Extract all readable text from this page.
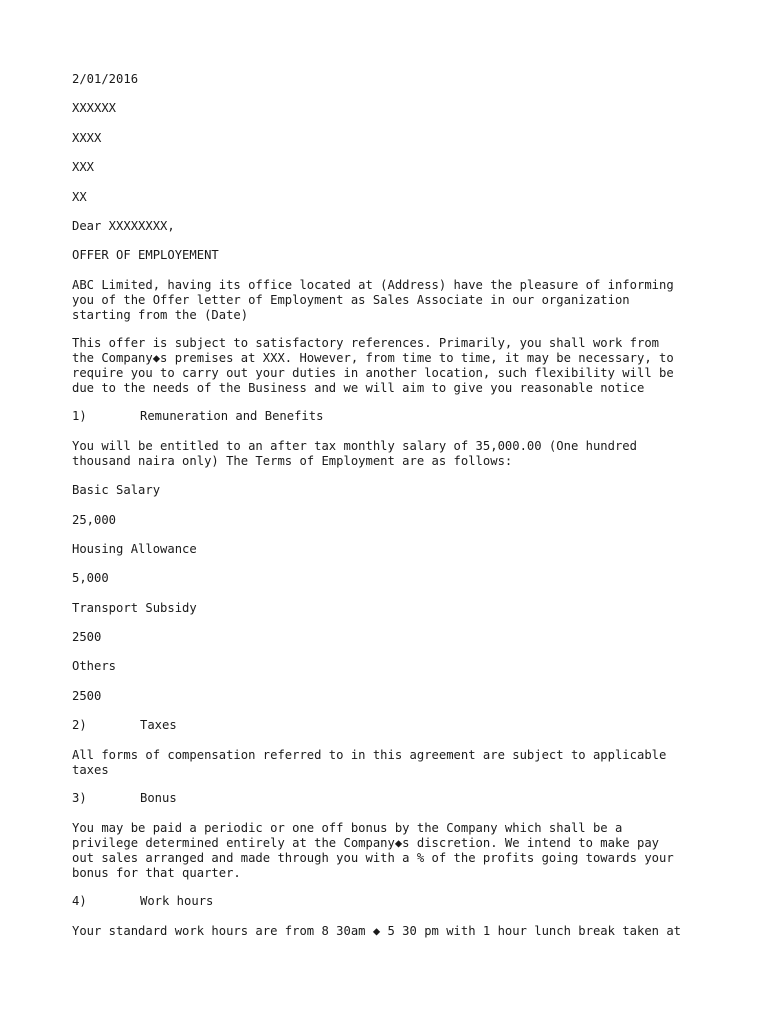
2/01/2016

XXXXXX

XXXX

XXX

XX

Dear XXXXXXXX,

OFFER OF EMPLOYEMENT

ABC Limited, having its office located at (Address) have the pleasure of informing
you of the Offer letter of Employment as Sales Associate in our organization
starting from the (Date)

This offer is subject to satisfactory references. Primarily, you shall work from
the Company◆s premises at XXX. However, from time to time, it may be necessary, to
require you to carry out your duties in another location, such flexibility will be
due to the needs of the Business and we will aim to give you reasonable notice

1)	Remuneration and Benefits

You will be entitled to an after tax monthly salary of 35,000.00 (One hundred
thousand naira only) The Terms of Employment are as follows:

Basic Salary

25,000

Housing Allowance

5,000

Transport Subsidy

2500

Others

2500

2)	Taxes

All forms of compensation referred to in this agreement are subject to applicable
taxes

3)	Bonus

You may be paid a periodic or one off bonus by the Company which shall be a
privilege determined entirely at the Company◆s discretion. We intend to make pay
out sales arranged and made through you with a % of the profits going towards your
bonus for that quarter.

4)	Work hours

Your standard work hours are from 8 30am ◆ 5 30 pm with 1 hour lunch break taken at
